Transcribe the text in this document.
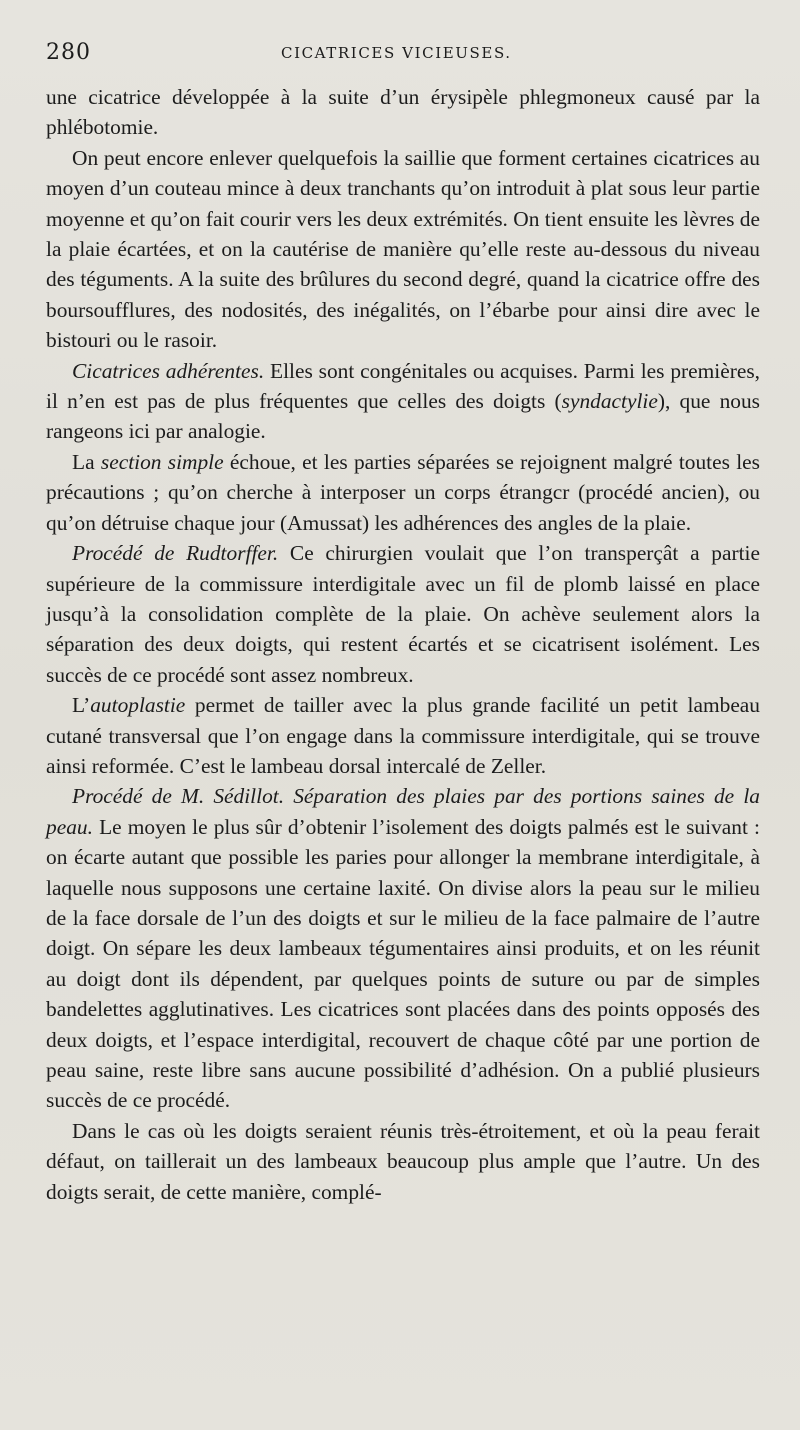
280	CICATRICES VICIEUSES.

une cicatrice développée à la suite d’un érysipèle phlegmoneux causé par la phlébotomie.

On peut encore enlever quelquefois la saillie que forment certaines cicatrices au moyen d’un couteau mince à deux tranchants qu’on introduit à plat sous leur partie moyenne et qu’on fait courir vers les deux extrémités. On tient ensuite les lèvres de la plaie écartées, et on la cautérise de manière qu’elle reste au-dessous du niveau des téguments. A la suite des brûlures du second degré, quand la cicatrice offre des boursoufflures, des nodosités, des inégalités, on l’ébarbe pour ainsi dire avec le bistouri ou le rasoir.

Cicatrices adhérentes. Elles sont congénitales ou acquises. Parmi les premières, il n’en est pas de plus fréquentes que celles des doigts (syndactylie), que nous rangeons ici par analogie.

La section simple échoue, et les parties séparées se rejoignent malgré toutes les précautions ; qu’on cherche à interposer un corps étrangcr (procédé ancien), ou qu’on détruise chaque jour (Amussat) les adhérences des angles de la plaie.

Procédé de Rudtorffer. Ce chirurgien voulait que l’on transperçât a partie supérieure de la commissure interdigitale avec un fil de plomb laissé en place jusqu’à la consolidation complète de la plaie. On achève seulement alors la séparation des deux doigts, qui restent écartés et se cicatrisent isolément. Les succès de ce procédé sont assez nombreux.

L’autoplastie permet de tailler avec la plus grande facilité un petit lambeau cutané transversal que l’on engage dans la commissure interdigitale, qui se trouve ainsi reformée. C’est le lambeau dorsal intercalé de Zeller.

Procédé de M. Sédillot. Séparation des plaies par des portions saines de la peau. Le moyen le plus sûr d’obtenir l’isolement des doigts palmés est le suivant : on écarte autant que possible les paries pour allonger la membrane interdigitale, à laquelle nous supposons une certaine laxité. On divise alors la peau sur le milieu de la face dorsale de l’un des doigts et sur le milieu de la face palmaire de l’autre doigt. On sépare les deux lambeaux tégumentaires ainsi produits, et on les réunit au doigt dont ils dépendent, par quelques points de suture ou par de simples bandelettes agglutinatives. Les cicatrices sont placées dans des points opposés des deux doigts, et l’espace interdigital, recouvert de chaque côté par une portion de peau saine, reste libre sans aucune possibilité d’adhésion. On a publié plusieurs succès de ce procédé.

Dans le cas où les doigts seraient réunis très-étroitement, et où la peau ferait défaut, on taillerait un des lambeaux beaucoup plus ample que l’autre. Un des doigts serait, de cette manière, complé-
